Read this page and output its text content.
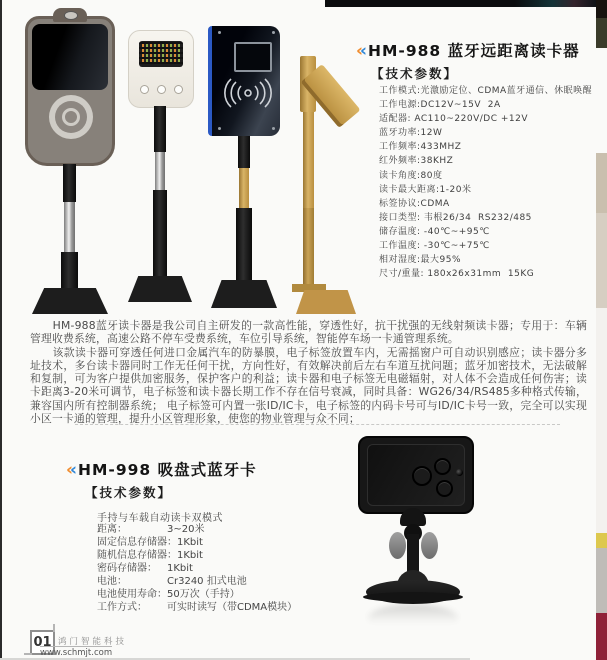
‹‹ HM-988 蓝牙远距离读卡器
【技术参数】
工作模式:光激励定位、CDMA蓝牙通信、休眠唤醒
工作电源:DC12V~15V  2A
适配器: AC110~220V/DC +12V
蓝牙功率:12W
工作频率:433MHZ
红外频率:38KHZ
读卡角度:80度
读卡最大距离:1-20米
标签协议:CDMA
接口类型: 韦根26/34  RS232/485
储存温度: -40℃~+95℃
工作温度: -30℃~+75℃
相对湿度:最大95%
尺寸/重量: 180x26x31mm  15KG

HM-988蓝牙读卡器是我公司自主研发的一款高性能，穿透性好，抗干扰强的无线射频读卡器；专用于：车辆管理收费系统，高速公路不停车受费系统，车位引导系统，智能停车场一卡通管理系统。

该款读卡器可穿透任何进口金属汽车的防暴膜，电子标签放置车内，无需摇窗户可自动识别感应；读卡器分多址技术，多台读卡器同时工作无任何干扰，方向性好，有效解决前后左右车道互扰问题；蓝牙加密技术，无法破解和复制，可为客户提供加密服务，保护客户的利益；读卡器和电子标签无电磁辐射，对人体不会造成任何伤害；读卡距离3-20米可调节，电子标签和读卡器长期工作不存在信号衰减，同时具备：WG26/34/RS485多种格式传输，兼容国内所有控制器系统； 电子标签可内置一张ID/IC卡，电子标签的内码卡号可与ID/IC卡号一致，完全可以实现小区一卡通的管理，提升小区管理形象，使您的物业管理与众不同；

‹‹ HM-998 吸盘式蓝牙卡
【技术参数】
手持与车载自动读卡双模式
距离：	3~20米
固定信息存储器：1Kbit
随机信息存储器：1Kbit
密码存储器： 1Kbit
电池：	Cr3240 扣式电池
电池使用寿命：50万次（手持）
工作方式： 可实时读写（带CDMA模块）
01 鸿门智能科技
www.schmjt.com
